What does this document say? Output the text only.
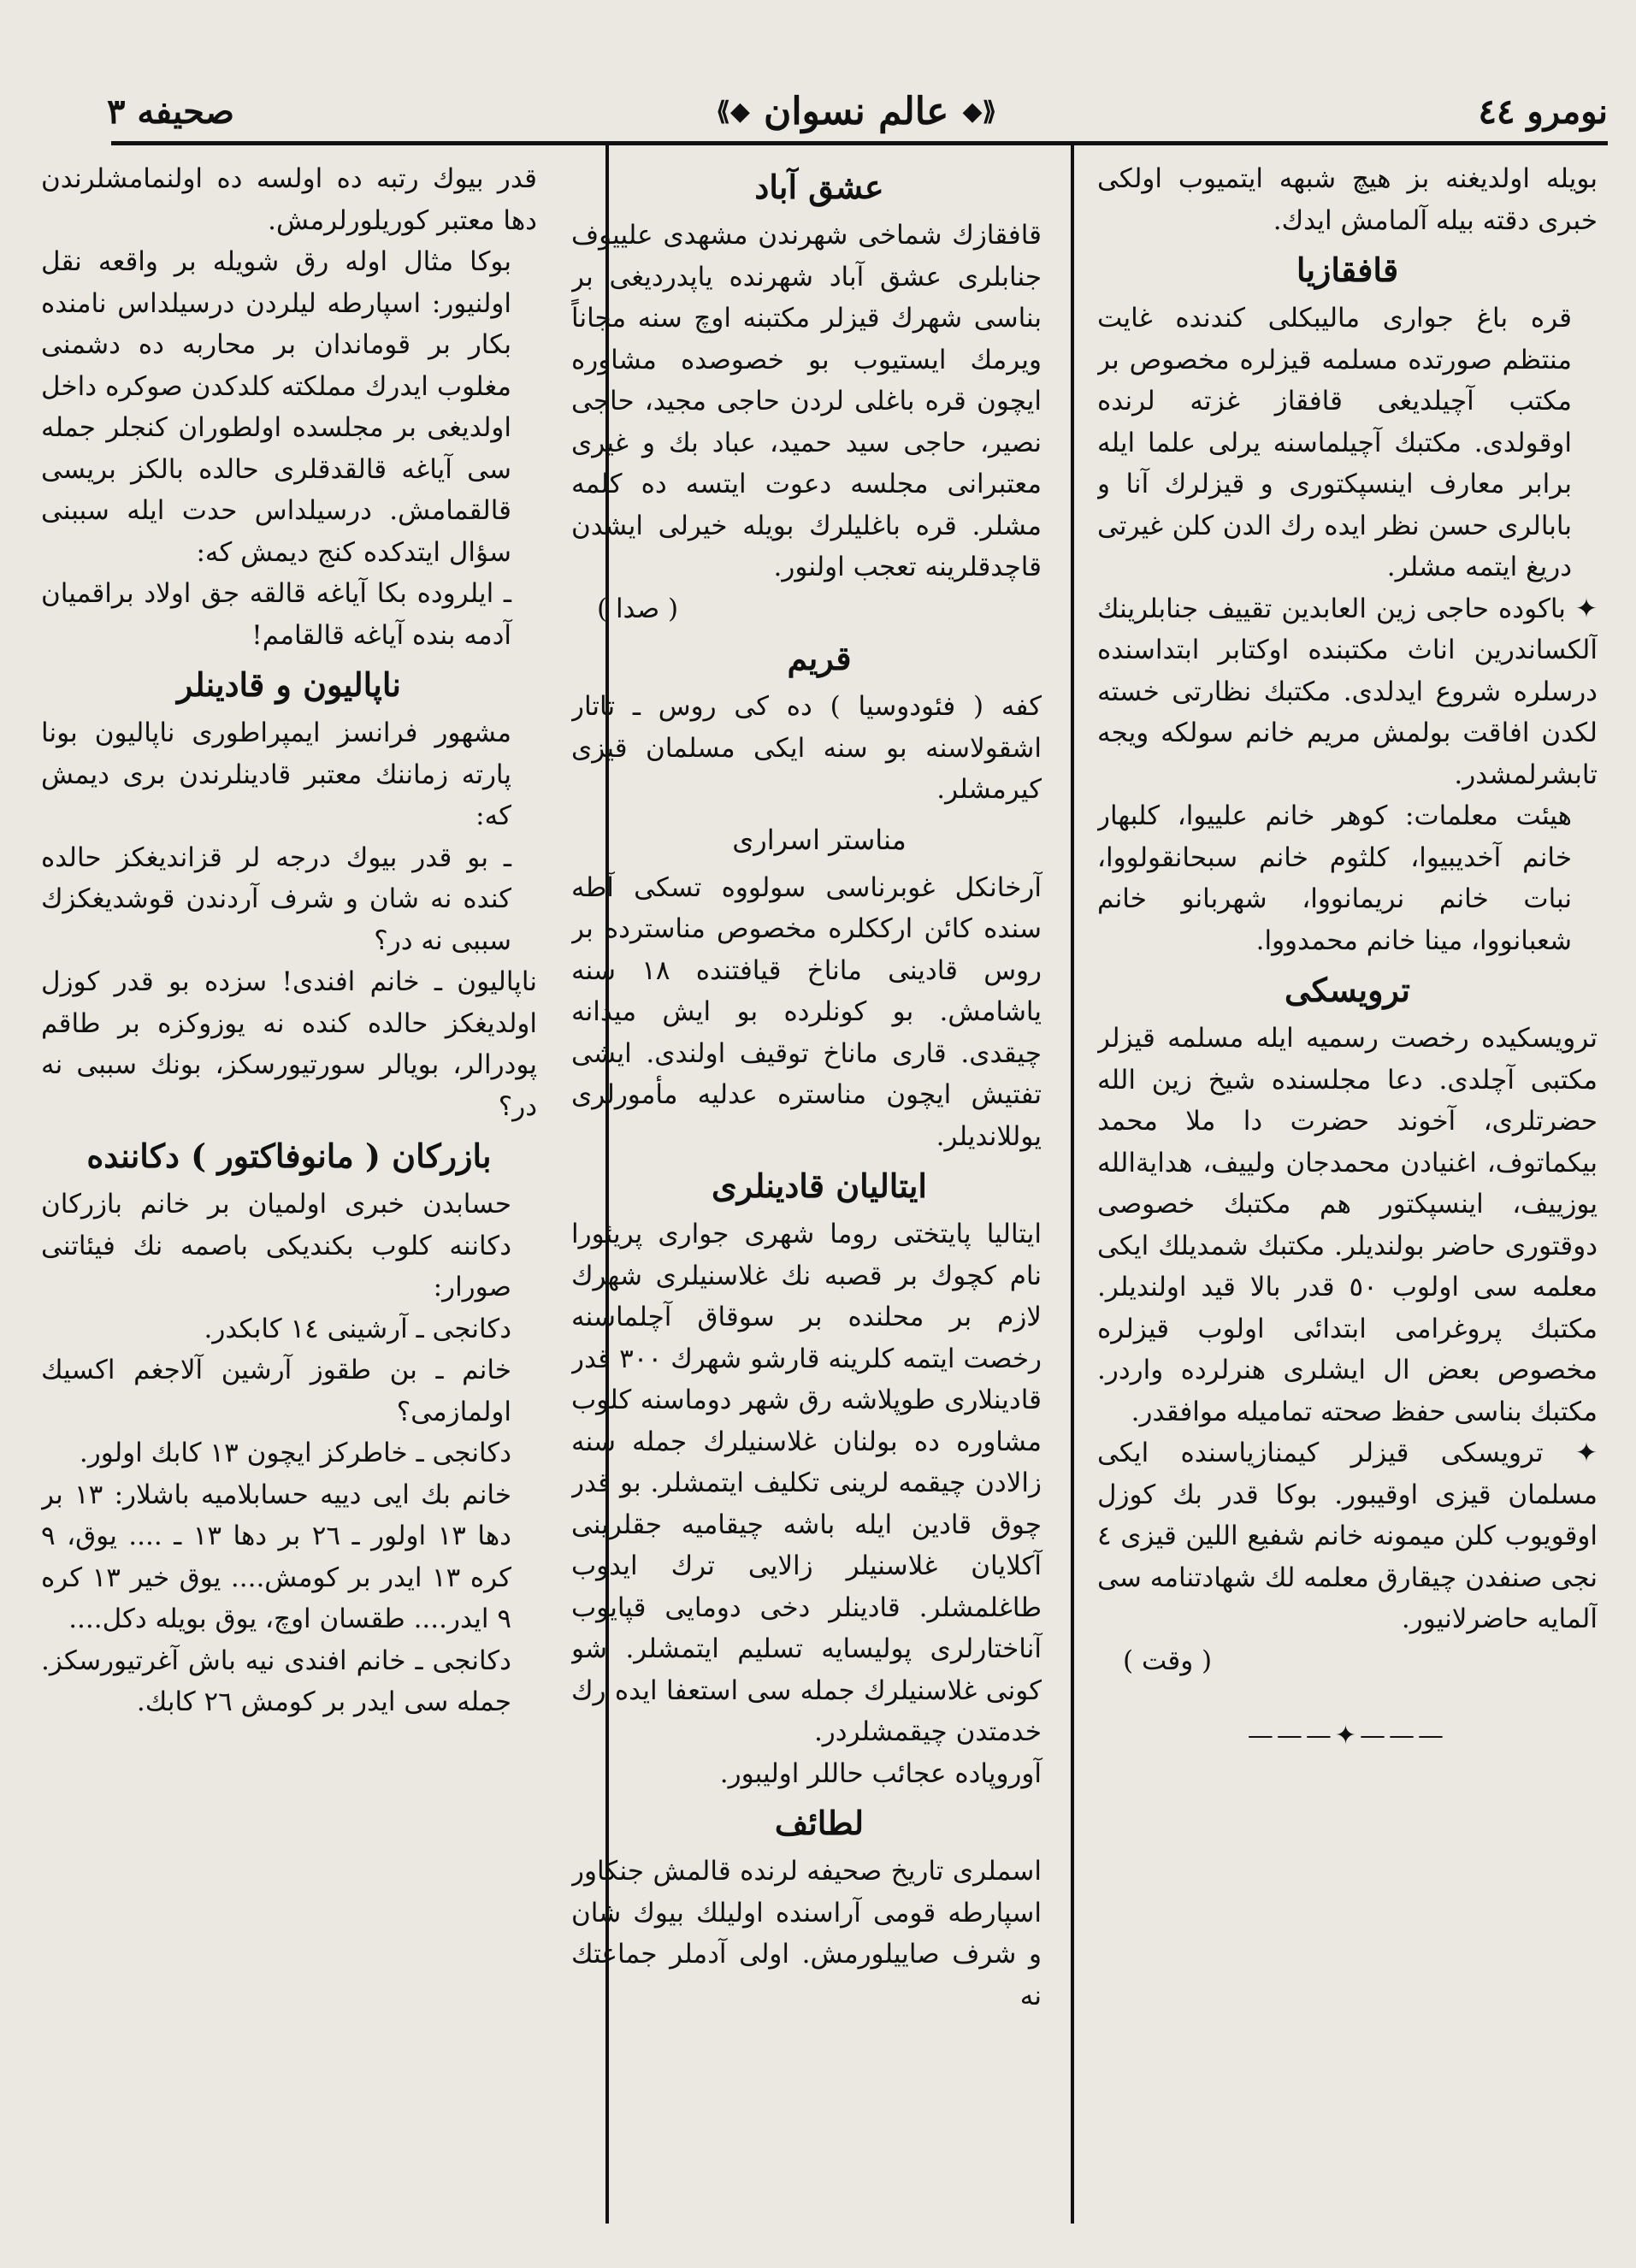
نومرو ٤٤
⟪◆
عالم نسوان
◆⟫
صحیفه ٣

بویله اولدیغنه بز هیچ شبهه ایتمیوب اولکی خبری دقته بیله آلمامش ایدك.

قافقازیا

قره باغ جواری مالیبکلی کندنده غایت منتظم صورتده مسلمه قیزلره مخصوص بر مکتب آچیلدیغی قافقاز غزته لرنده اوقولدی. مکتبك آچیلماسنه یرلی علما ایله برابر معارف اینسپکتوری و قیزلرك آنا و بابالری حسن نظر ایده رك الدن کلن غیرتی دریغ ایتمه مشلر.

✦ باکوده حاجی زین العابدین تقییف جنابلرینك آلکساندرین اناث مکتبنده اوکتابر ابتداسنده درسلره شروع ایدلدی. مکتبك نظارتی خسته لکدن افاقت بولمش مریم خانم سولکه ویجه تابشرلمشدر.

هیئت معلمات: کوهر خانم علییوا، کلبهار خانم آخدیبیوا، کلثوم خانم سبحانقولووا، نبات خانم نریمانووا، شهربانو خانم شعبانووا، مینا خانم محمدووا.

ترویسکی

ترویسکیده رخصت رسمیه ایله مسلمه قیزلر مکتبی آچلدی. دعا مجلسنده شیخ زین الله حضرتلری، آخوند حضرت دا ملا محمد بیکماتوف، اغنیادن محمدجان ولییف، هدایةالله یوزییف، اینسپکتور هم مکتبك خصوصی دوقتوری حاضر بولندیلر. مکتبك شمدیلك ایکی معلمه سی اولوب ٥٠ قدر بالا قید اولندیلر. مکتبك پروغرامی ابتدائی اولوب قیزلره مخصوص بعض ال ایشلری هنرلرده واردر. مکتبك بناسی حفظ صحته تماميله موافقدر.

✦ ترویسکی قیزلر کیمنازیاسنده ایکی مسلمان قیزی اوقیبور. بوکا قدر بك کوزل اوقویوب کلن میمونه خانم شفیع اللین قیزی ٤ نجی صنفدن چیقارق معلمه لك شهادتنامه سی آلمایه حاضرلانیور.

( وقت )

———✦———

عشق آباد

قافقازك شماخی شهرندن مشهدی علییوف جنابلری عشق آباد شهرنده یاپدردیغی بر بناسی شهرك قیزلر مکتبنه اوچ سنه مجاناً ویرمك ایستیوب بو خصوصده مشاوره ایچون قره باغلی لردن حاجی مجید، حاجی نصیر، حاجی سید حمید، عباد بك و غیری معتبرانی مجلسه دعوت ایتسه ده کلمه مشلر. قره باغلیلرك بویله خیرلی ایشدن قاچدقلرینه تعجب اولنور.

( صدا )

قریم

کفه ( فئودوسیا ) ده کی روس ـ تاتار اشقولاسنه بو سنه ایکی مسلمان قیزی کیرمشلر.

مناستر اسراری

آرخانکل غوبرناسی سولووه تسکی آطه سنده کائن ارککلره مخصوص مناسترده بر روس قادینی ماناخ قیافتنده ١٨ سنه یاشامش. بو کونلرده بو ایش میدانه چیقدی. قاری ماناخ توقیف اولندی. ایشی تفتیش ایچون مناستره عدلیه مأمورلری یوللاندیلر.

ایتالیان قادینلری

ایتالیا پایتختی روما شهری جواری پریئورا نام کچوك بر قصبه نك غلاسنیلری شهرك لازم بر محلنده بر سوقاق آچلماسنه رخصت ایتمه کلرینه قارشو شهرك ٣٠٠ قدر قادینلاری طوپلاشه رق شهر دوماسنه کلوب مشاوره ده بولنان غلاسنیلرك جمله سنه زالادن چیقمه لرینی تکلیف ایتمشلر. بو قدر چوق قادین ایله باشه چیقامیه جقلرینی آکلایان غلاسنیلر زالایی ترك ایدوب طاغلمشلر. قادینلر دخی دومایی قپایوب آناختارلری پولیسایه تسلیم ایتمشلر. شو کونی غلاسنیلرك جمله سی استعفا ایده رك خدمتدن چیقمشلردر.

آوروپاده عجائب حاللر اولیبور.

لطائف

اسملری تاریخ صحیفه لرنده قالمش جنکاور اسپارطه قومی آراسنده اولیلك بیوك شان و شرف صاییلورمش. اولی آدملر جماعتك نه

قدر بیوك رتبه ده اولسه ده اولنمامشلرندن دها معتبر کوریلورلرمش.

بوکا مثال اوله رق شویله بر واقعه نقل اولنیور: اسپارطه لیلردن درسیلداس نامنده بکار بر قوماندان بر محاربه ده دشمنی مغلوب ایدرك مملکته کلدکدن صوکره داخل اولدیغی بر مجلسده اولطوران کنجلر جمله سی آیاغه قالقدقلری حالده بالکز بریسی قالقمامش. درسیلداس حدت ایله سببنی سؤال ایتدکده کنج دیمش که:

ـ ایلروده بکا آیاغه قالقه جق اولاد براقمیان آدمه بنده آیاغه قالقامم!

ناپالیون و قادینلر

مشهور فرانسز ایمپراطوری ناپالیون بونا پارته زماننك معتبر قادینلرندن بری دیمش که:

ـ بو قدر بیوك درجه لر قزاندیغکز حالده کنده نه شان و شرف آردندن قوشدیغکزك سببی نه در؟

ناپالیون ـ خانم افندی! سزده بو قدر کوزل اولدیغکز حالده کنده نه یوزوکزه بر طاقم پودرالر، بویالر سورتیورسکز، بونك سببی نه در؟

بازرکان ( مانوفاکتور ) دکاننده

حسابدن خبری اولمیان بر خانم بازرکان دکاننه کلوب بکندیکی باصمه نك فیئاتنی صورار:

دکانجی ـ آرشینی ١٤ کابکدر.

خانم ـ بن طقوز آرشین آلاجغم اکسیك اولمازمی؟

دکانجی ـ خاطرکز ایچون ١٣ کابك اولور.

خانم بك ایی دییه حسابلامیه باشلار: ١٣ بر دها ١٣ اولور ـ ٢٦ بر دها ١٣ ـ .... یوق، ٩ کره ١٣ ایدر بر کومش.... یوق خیر ١٣ کره ٩ ایدر.... طقسان اوچ، یوق بویله دکل....

دکانجی ـ خانم افندی نیه باش آغرتیورسکز. جمله سی ایدر بر کومش ٢٦ کابك.
